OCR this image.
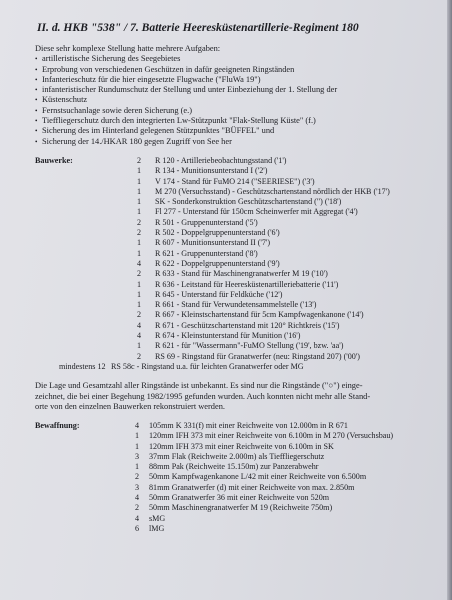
II. d. HKB "538" / 7. Batterie Heeresküstenartillerie-Regiment 180
Diese sehr komplexe Stellung hatte mehrere Aufgaben:
• artilleristische Sicherung des Seegebietes
• Erprobung von verschiedenen Geschützen in dafür geeigneten Ringständen
• Infanterieschutz für die hier eingesetzte Flugwache ("FluWa 19")
• infanteristischer Rundumschutz der Stellung und unter Einbeziehung der 1. Stellung der
• Küstenschutz
• Fernstsuchanlage sowie deren Sicherung (e.)
• Tieffliegerschutz durch den integrierten Lw-Stützpunkt "Flak-Stellung Küste" (f.)
• Sicherung des im Hinterland gelegenen Stützpunktes "BÜFFEL" und
• Sicherung der 14./HKAR 180 gegen Zugriff von See her
Bauwerke:	2	R 120 - Artilleriebeobachtungsstand ('1')
1	R 134 - Munitionsunterstand I ('2')
1	V 174 - Stand für FuMO 214 ("SEERIESE") ('3')
1	M 270 (Versuchsstand) - Geschützschartenstand nördlich der HKB ('17')
1	SK - Sonderkonstruktion Geschützschartenstand (") ('18')
1	Fl 277 - Unterstand für 150cm Scheinwerfer mit Aggregat ('4')
2	R 501 - Gruppenunterstand ('5')
2	R 502 - Doppelgruppenunterstand ('6')
1	R 607 - Munitionsunterstand II ('7')
1	R 621 - Gruppenunterstand ('8')
4	R 622 - Doppelgruppenunterstand ('9')
2	R 633 - Stand für Maschinengranatwerfer M 19 ('10')
1	R 636 - Leitstand für Heeresküstenartilleriebatterie ('11')
1	R 645 - Unterstand für Feldküche ('12')
1	R 661 - Stand für Verwundetensammelstelle ('13')
2	R 667 - Kleinstschartenstand für 5cm Kampfwagenkanone ('14')
4	R 671 - Geschützschartenstand mit 120° Richtkreis ('15')
4	R 674 - Kleinstunterstand für Munition ('16')
1	R 621 - für "Wassermann"-FuMO Stellung ('19', bzw. 'aa')
2	RS 69 - Ringstand für Granatwerfer (neu: Ringstand 207) ('00')
mindestens 12 RS 58c - Ringstand u.a. für leichten Granatwerfer oder MG

Die Lage und Gesamtzahl aller Ringstände ist unbekannt. Es sind nur die Ringstände ("○") einge-

zeichnet, die bei einer Begehung 1982/1995 gefunden wurden. Auch konnten nicht mehr alle Stand-

orte von den einzelnen Bauwerken rekonstruiert werden.

Bewaffnung:	4	105mm K 331(f) mit einer Reichweite von 12.000m in R 671
1	120mm IFH 373 mit einer Reichweite von 6.100m in M 270 (Versuchsbau)
1	120mm IFH 373 mit einer Reichweite von 6.100m in SK
3	37mm Flak (Reichweite 2.000m) als Tieffliegerschutz
1	88mm Pak (Reichweite 15.150m) zur Panzerabwehr
2	50mm Kampfwagenkanone L/42 mit einer Reichweite von 6.500m
3	81mm Granatwerfer (d) mit einer Reichweite von max. 2.850m
4	50mm Granatwerfer 36 mit einer Reichweite von 520m
2	50mm Maschinengranatwerfer M 19 (Reichweite 750m)
4	sMG
6	lMG
